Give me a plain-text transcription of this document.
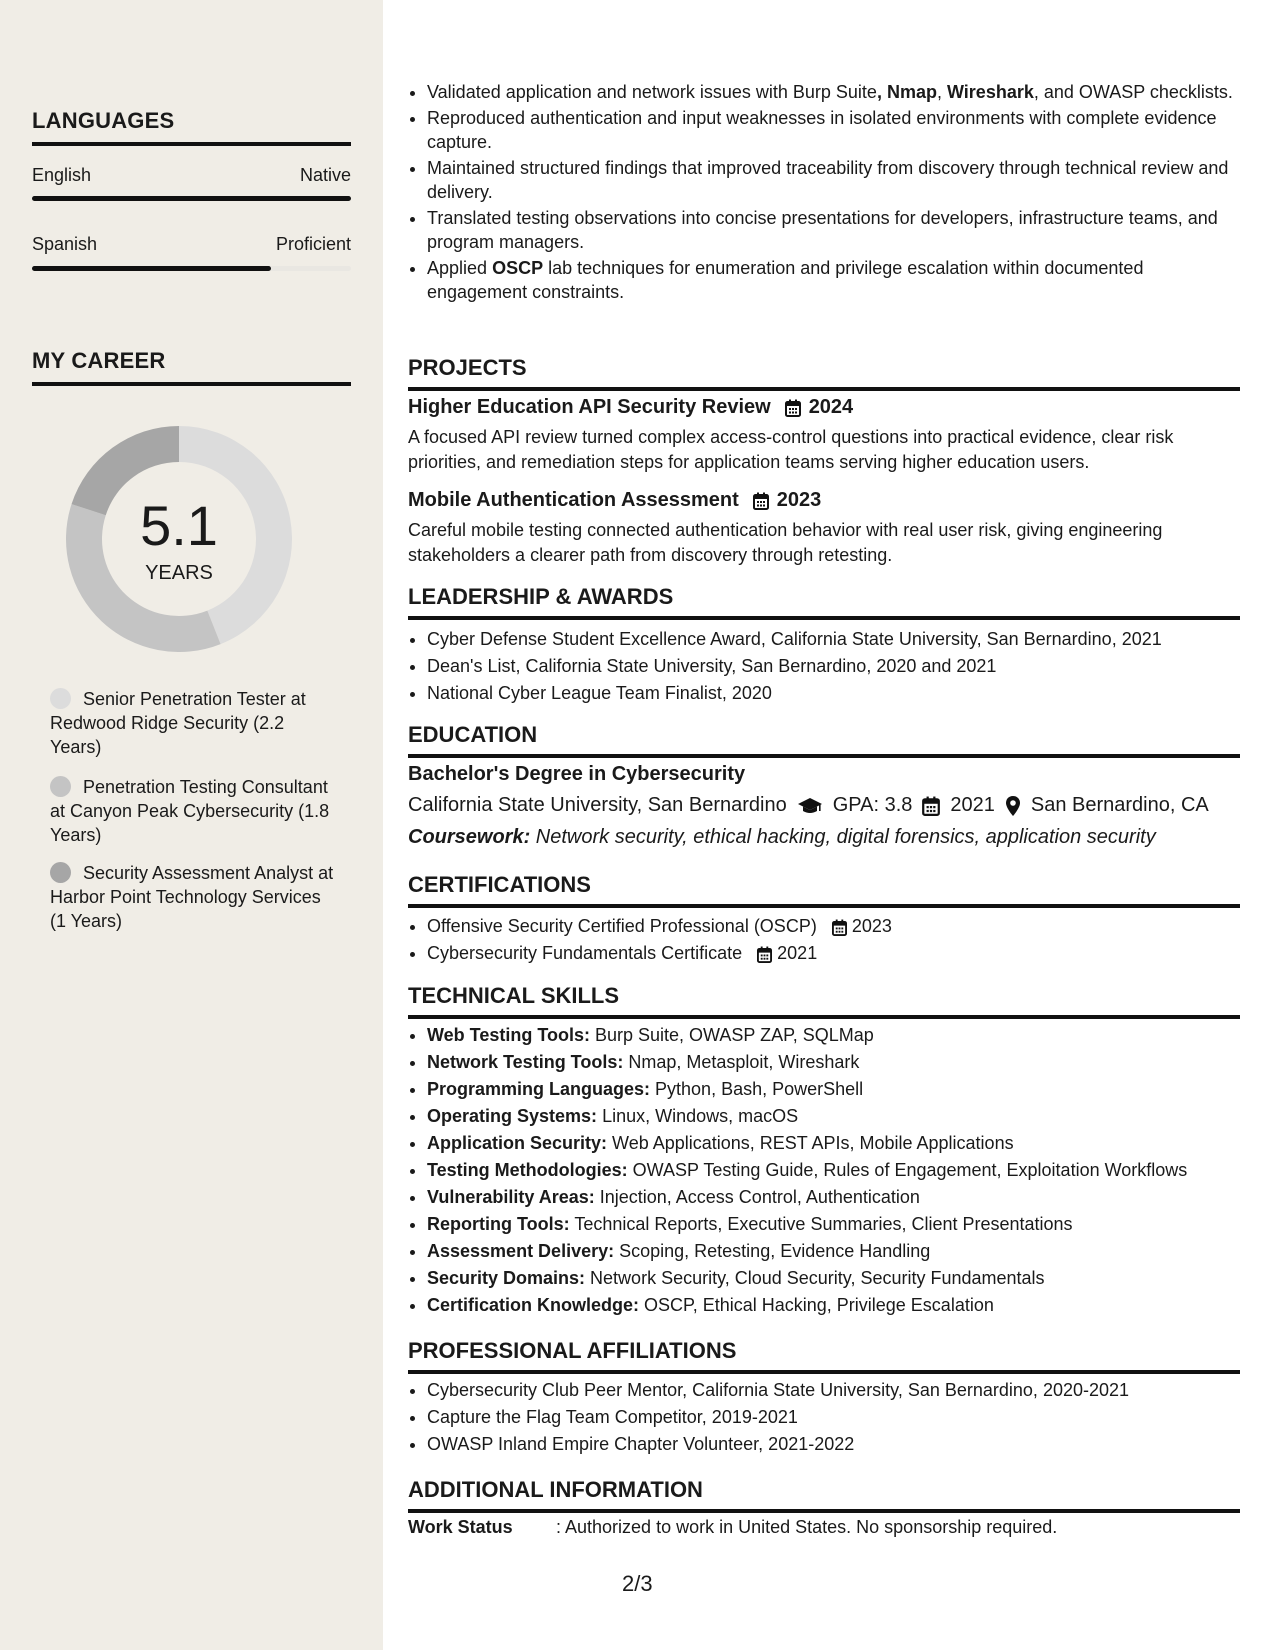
LANGUAGES
English	Native
Spanish	Proficient
MY CAREER
5.1
YEARS
Senior Penetration Tester at Redwood Ridge Security (2.2 Years)
Penetration Testing Consultant at Canyon Peak Cybersecurity (1.8 Years)
Security Assessment Analyst at Harbor Point Technology Services (1 Years)
• Validated application and network issues with Burp Suite, Nmap, Wireshark, and OWASP checklists.
• Reproduced authentication and input weaknesses in isolated environments with complete evidence capture.
• Maintained structured findings that improved traceability from discovery through technical review and delivery.
• Translated testing observations into concise presentations for developers, infrastructure teams, and program managers.
• Applied OSCP lab techniques for enumeration and privilege escalation within documented engagement constraints.
PROJECTS
Higher Education API Security Review 2024
A focused API review turned complex access-control questions into practical evidence, clear risk priorities, and remediation steps for application teams serving higher education users.
Mobile Authentication Assessment 2023
Careful mobile testing connected authentication behavior with real user risk, giving engineering stakeholders a clearer path from discovery through retesting.
LEADERSHIP & AWARDS
• Cyber Defense Student Excellence Award, California State University, San Bernardino, 2021
• Dean's List, California State University, San Bernardino, 2020 and 2021
• National Cyber League Team Finalist, 2020
EDUCATION
Bachelor's Degree in Cybersecurity
California State University, San Bernardino GPA: 3.8 2021 San Bernardino, CA
Coursework: Network security, ethical hacking, digital forensics, application security
CERTIFICATIONS
• Offensive Security Certified Professional (OSCP) 2023
• Cybersecurity Fundamentals Certificate 2021
TECHNICAL SKILLS
• Web Testing Tools: Burp Suite, OWASP ZAP, SQLMap
• Network Testing Tools: Nmap, Metasploit, Wireshark
• Programming Languages: Python, Bash, PowerShell
• Operating Systems: Linux, Windows, macOS
• Application Security: Web Applications, REST APIs, Mobile Applications
• Testing Methodologies: OWASP Testing Guide, Rules of Engagement, Exploitation Workflows
• Vulnerability Areas: Injection, Access Control, Authentication
• Reporting Tools: Technical Reports, Executive Summaries, Client Presentations
• Assessment Delivery: Scoping, Retesting, Evidence Handling
• Security Domains: Network Security, Cloud Security, Security Fundamentals
• Certification Knowledge: OSCP, Ethical Hacking, Privilege Escalation
PROFESSIONAL AFFILIATIONS
• Cybersecurity Club Peer Mentor, California State University, San Bernardino, 2020-2021
• Capture the Flag Team Competitor, 2019-2021
• OWASP Inland Empire Chapter Volunteer, 2021-2022
ADDITIONAL INFORMATION
Work Status	: Authorized to work in United States. No sponsorship required.
2/3
